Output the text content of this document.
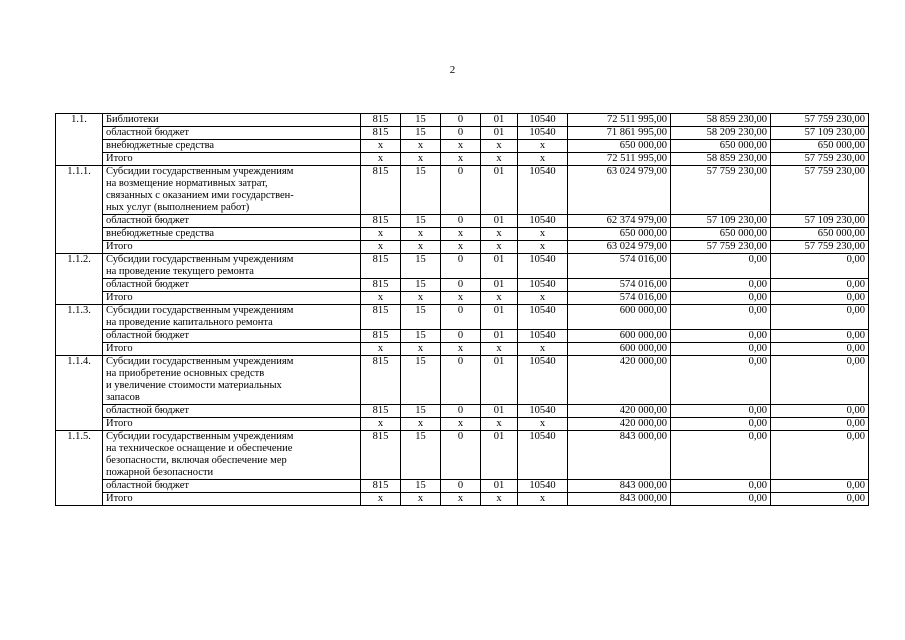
2
1.1.	Библиотеки	815	15	0	01	10540	72 511 995,00	58 859 230,00	57 759 230,00
	областной бюджет	815	15	0	01	10540	71 861 995,00	58 209 230,00	57 109 230,00
	внебюджетные средства	х	х	х	х	х	650 000,00	650 000,00	650 000,00
	Итого	х	х	х	х	х	72 511 995,00	58 859 230,00	57 759 230,00
1.1.1.	Субсидии государственным учреждениям
на возмещение нормативных затрат,
связанных с оказанием ими государствен-
ных услуг (выполнением работ)	815	15	0	01	10540	63 024 979,00	57 759 230,00	57 759 230,00
	областной бюджет	815	15	0	01	10540	62 374 979,00	57 109 230,00	57 109 230,00
	внебюджетные средства	х	х	х	х	х	650 000,00	650 000,00	650 000,00
	Итого	х	х	х	х	х	63 024 979,00	57 759 230,00	57 759 230,00
1.1.2.	Субсидии государственным учреждениям
на проведение текущего ремонта	815	15	0	01	10540	574 016,00	0,00	0,00
	областной бюджет	815	15	0	01	10540	574 016,00	0,00	0,00
	Итого	х	х	х	х	х	574 016,00	0,00	0,00
1.1.3.	Субсидии государственным учреждениям
на проведение капитального ремонта	815	15	0	01	10540	600 000,00	0,00	0,00
	областной бюджет	815	15	0	01	10540	600 000,00	0,00	0,00
	Итого	х	х	х	х	х	600 000,00	0,00	0,00
1.1.4.	Субсидии государственным учреждениям
на приобретение основных средств
и увеличение стоимости материальных
запасов	815	15	0	01	10540	420 000,00	0,00	0,00
	областной бюджет	815	15	0	01	10540	420 000,00	0,00	0,00
	Итого	х	х	х	х	х	420 000,00	0,00	0,00
1.1.5.	Субсидии государственным учреждениям
на техническое оснащение и обеспечение
безопасности, включая обеспечение мер
пожарной безопасности	815	15	0	01	10540	843 000,00	0,00	0,00
	областной бюджет	815	15	0	01	10540	843 000,00	0,00	0,00
	Итого	х	х	х	х	х	843 000,00	0,00	0,00
